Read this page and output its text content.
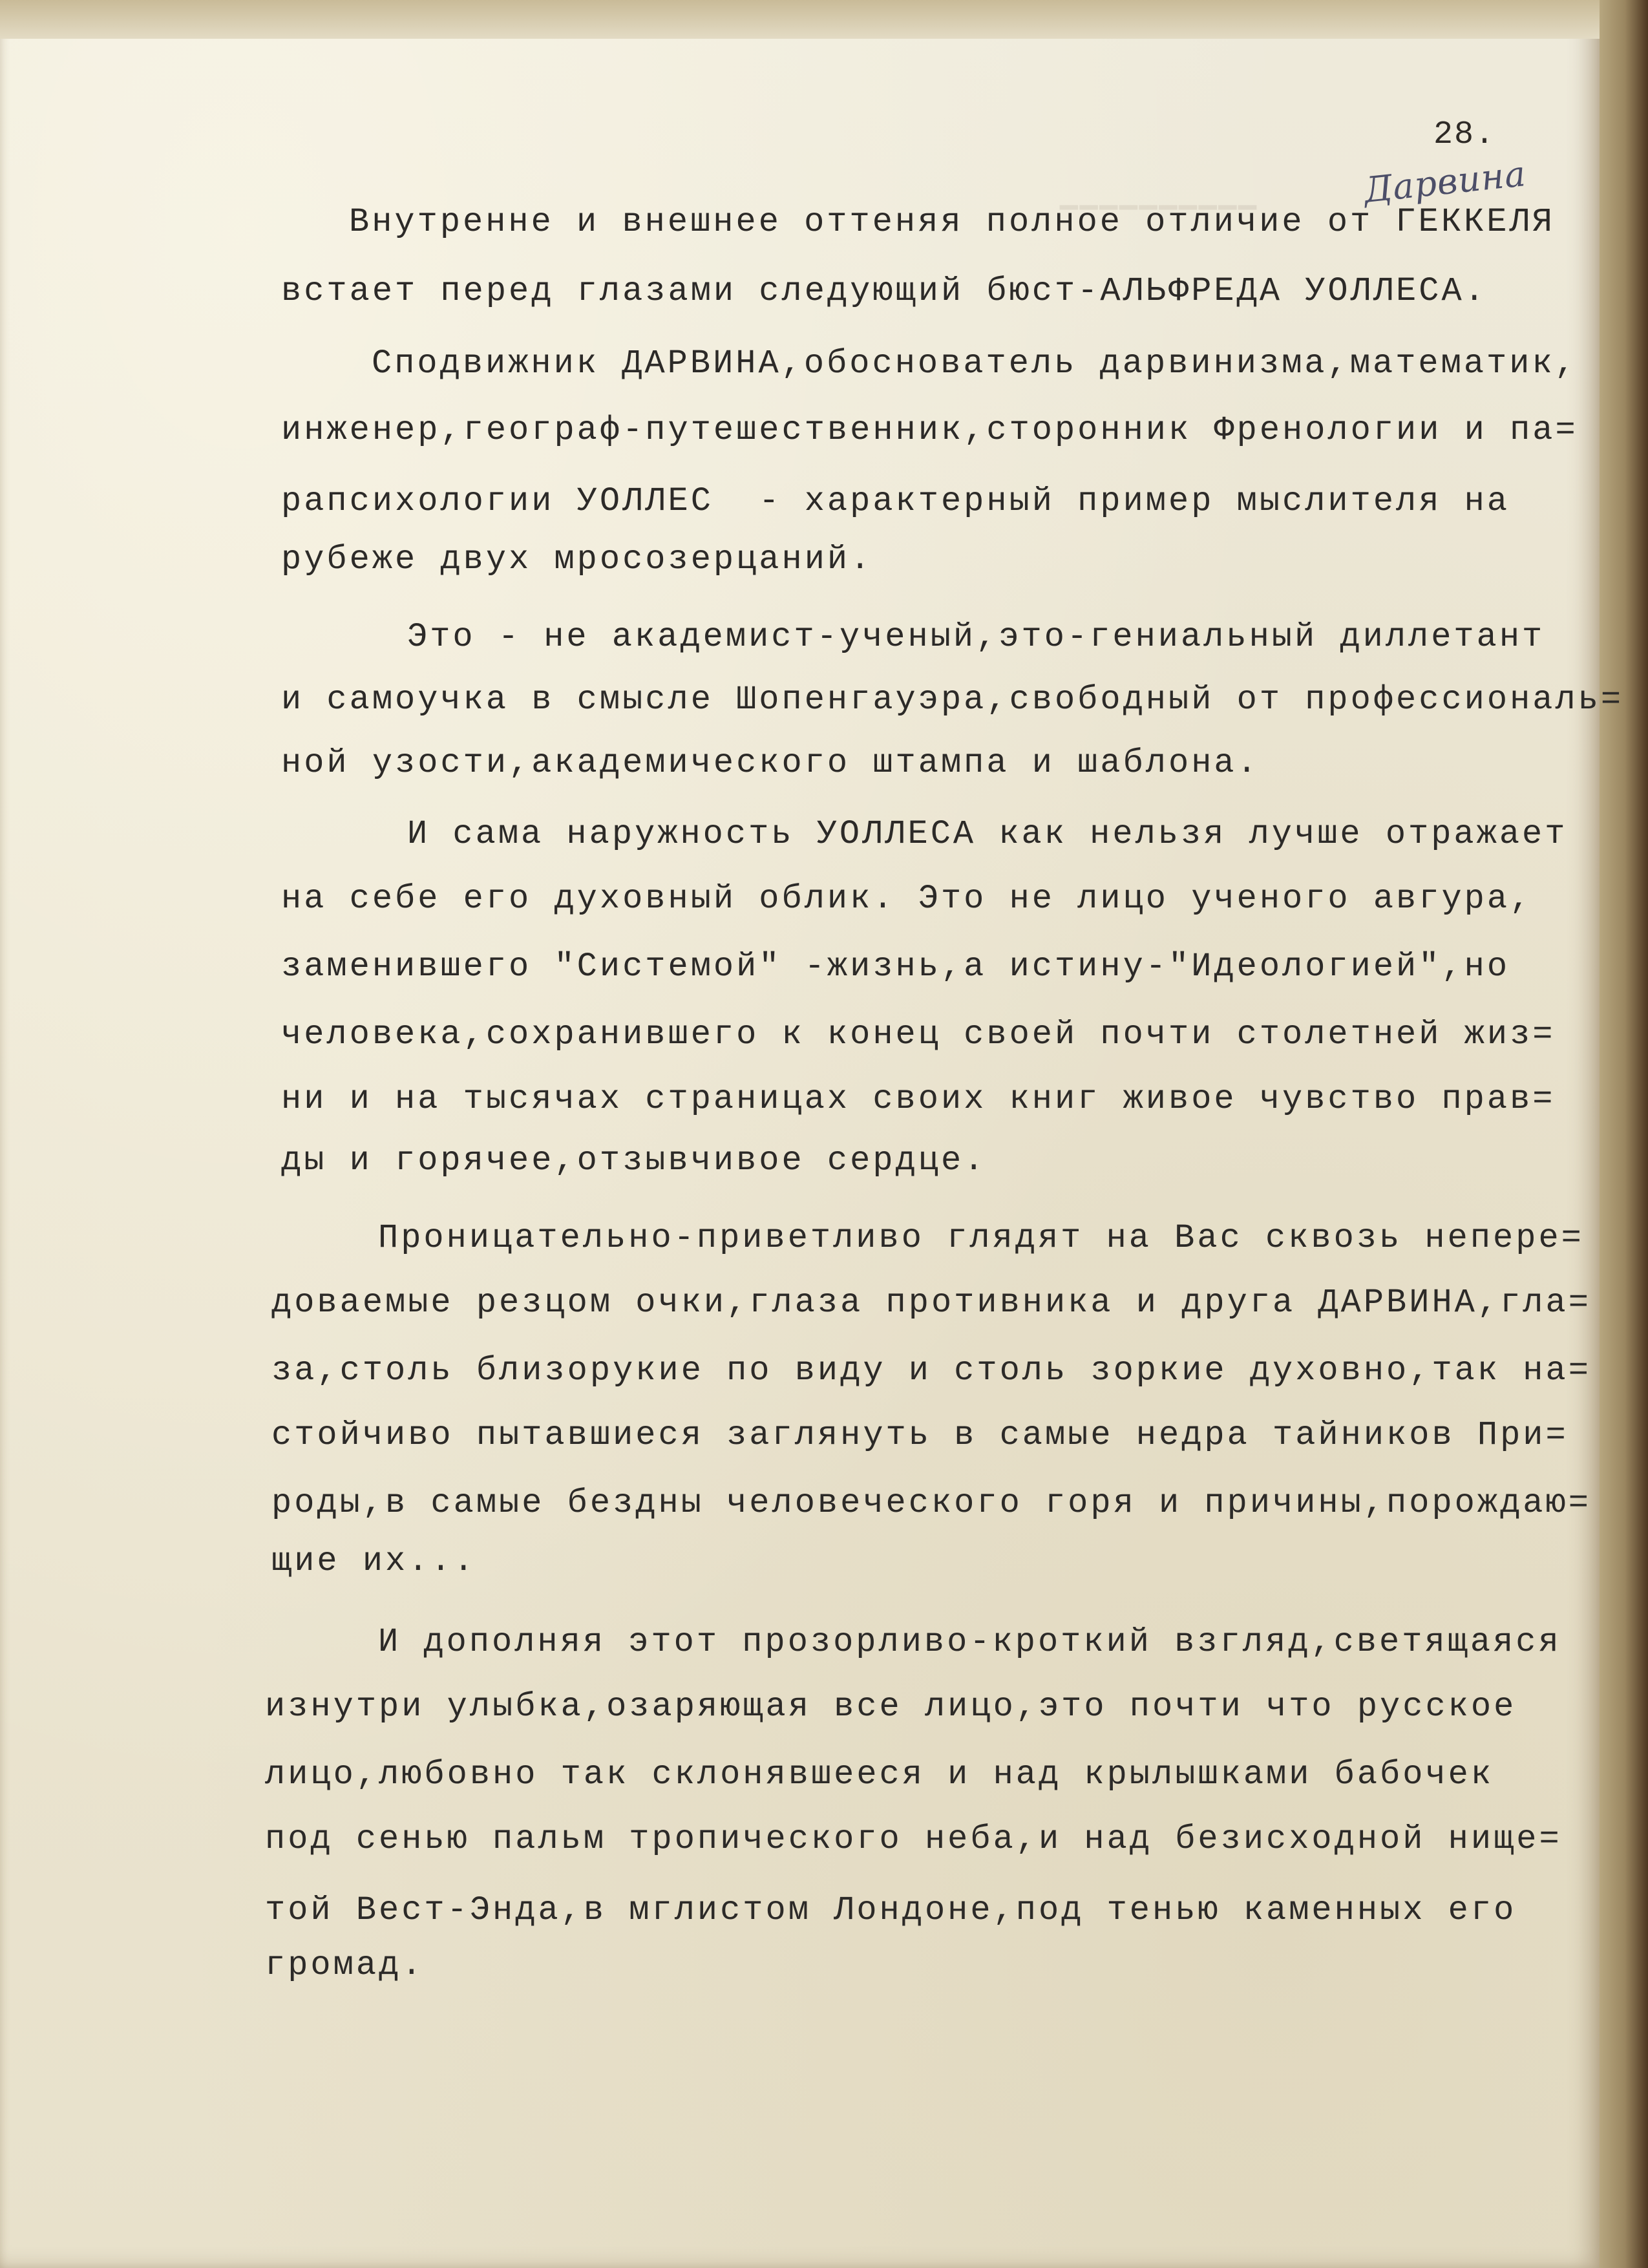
▁▁▁▁▁▁▁▁▁▁
28.
Дарвина
Внутренне и внешнее оттеняя полное отличие от ГЕККЕЛЯ
встает перед глазами следующий бюст-АЛЬФРЕДА УОЛЛЕСА.
Сподвижник ДАРВИНА,обоснователь дарвинизма,математик,
инженер,географ-путешественник,сторонник Френологии и па=
рапсихологии УОЛЛЕС  - характерный пример мыслителя на
рубеже двух мросозерцаний.
Это - не академист-ученый,это-гениальный диллетант
и самоучка в смысле Шопенгауэра,свободный от профессиональ=
ной узости,академического штампа и шаблона.
И сама наружность УОЛЛЕСА как нельзя лучше отражает
на себе его духовный облик. Это не лицо ученого авгура,
заменившего "Системой" -жизнь,а истину-"Идеологией",но
человека,сохранившего к конец своей почти столетней жиз=
ни и на тысячах страницах своих книг живое чувство прав=
ды и горячее,отзывчивое сердце.
Проницательно-приветливо глядят на Вас сквозь непере=
доваемые резцом очки,глаза противника и друга ДАРВИНА,гла=
за,столь близорукие по виду и столь зоркие духовно,так на=
стойчиво пытавшиеся заглянуть в самые недра тайников При=
роды,в самые бездны человеческого горя и причины,порождаю=
щие их...
И дополняя этот прозорливо-кроткий взгляд,светящаяся
изнутри улыбка,озаряющая все лицо,это почти что русское
лицо,любовно так склонявшееся и над крылышками бабочек
под сенью пальм тропического неба,и над безисходной нище=
той Вест-Энда,в мглистом Лондоне,под тенью каменных его
громад.
